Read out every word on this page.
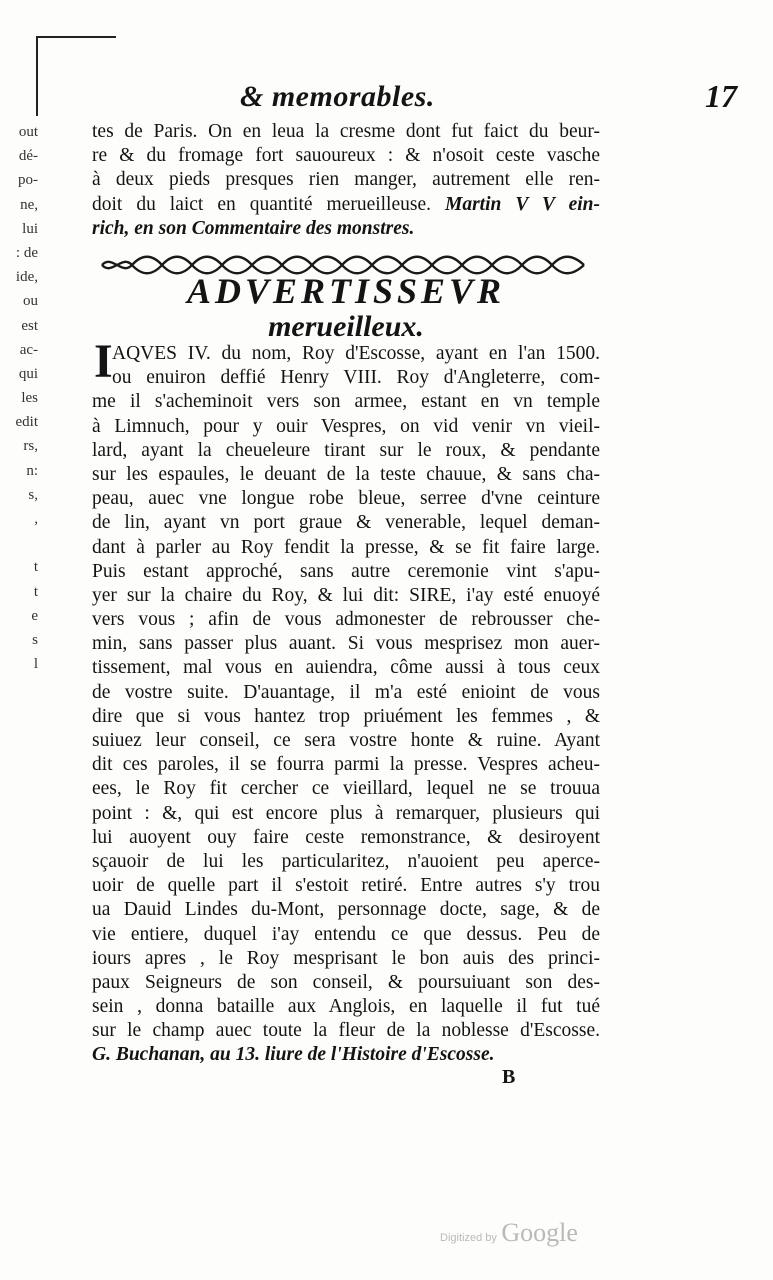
out
dé-
po-
ne,
lui
: de
ide,
ou
est
ac-
qui
les
edit
rs,
n:
s,
,
t
t
e
s
l
& memorables.	17
tes de Paris. On en leua la cresme dont fut faict du beur-
re & du fromage fort sauoureux : & n'osoit ceste vasche
à deux pieds presques rien manger, autrement elle ren-
doit du laict en quantité merueilleuse. Martin V V ein-
rich, en son Commentaire des monstres.
ADVERTISSEVR
merueilleux.
I AQVES IV. du nom, Roy d'Escosse, ayant en l'an 1500.
ou enuiron deffié Henry VIII. Roy d'Angleterre, com-
me il s'acheminoit vers son armee, estant en vn temple
à Limnuch, pour y ouir Vespres, on vid venir vn vieil-
lard, ayant la cheueleure tirant sur le roux, & pendante
sur les espaules, le deuant de la teste chauue, & sans cha-
peau, auec vne longue robe bleue, serree d'vne ceinture
de lin, ayant vn port graue & venerable, lequel deman-
dant à parler au Roy fendit la presse, & se fit faire large.
Puis estant approché, sans autre ceremonie vint s'apu-
yer sur la chaire du Roy, & lui dit: SIRE, i'ay esté enuoyé
vers vous ; afin de vous admonester de rebrousser che-
min, sans passer plus auant. Si vous mesprisez mon auer-
tissement, mal vous en auiendra, côme aussi à tous ceux
de vostre suite. D'auantage, il m'a esté enioint de vous
dire que si vous hantez trop priuément les femmes , &
suiuez leur conseil, ce sera vostre honte & ruine. Ayant
dit ces paroles, il se fourra parmi la presse. Vespres acheu-
ees, le Roy fit cercher ce vieillard, lequel ne se trouua
point : &, qui est encore plus à remarquer, plusieurs qui
lui auoyent ouy faire ceste remonstrance, & desiroyent
sçauoir de lui les particularitez, n'auoient peu aperce-
uoir de quelle part il s'estoit retiré. Entre autres s'y trou
ua Dauid Lindes du-Mont, personnage docte, sage, & de
vie entiere, duquel i'ay entendu ce que dessus. Peu de
iours apres , le Roy mesprisant le bon auis des princi-
paux Seigneurs de son conseil, & poursuiuant son des-
sein , donna bataille aux Anglois, en laquelle il fut tué
sur le champ auec toute la fleur de la noblesse d'Escosse.
G. Buchanan, au 13. liure de l'Histoire d'Escosse.
B
Digitized by Google
